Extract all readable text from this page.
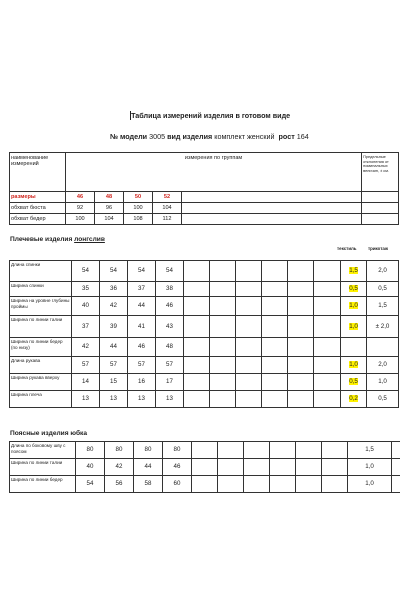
Таблица измерений изделия в готовом виде
№ модели 3005 вид изделия комплект женский рост 164
наименование измерений	измерения по группам					Предельные отклонения от номинальных величин, ± см.
размеры	46	48	50	52		
обхват бюста	92	96	100	104		
обхват бедер	100	104	108	112		
Плечевые изделия лонгслив
текстиль	трикотаж
Длина спинки	54	54	54	54							1,5	2,0
Ширина спинки	35	36	37	38							0,5	0,5
Ширина на уровне глубины проймы	40	42	44	46							1,0	1,5
Ширина по линии талии	37	39	41	43							1,0	± 2,0
Ширина по линии бедер (по низу)	42	44	46	48								
Длина рукава	57	57	57	57							1,0	2,0
Ширина рукава вверху	14	15	16	17							0,5	1,0
Ширина плеча	13	13	13	13							0,2	0,5
Поясные изделия юбка
Длина по боковому шву с поясом	80	80	80	80							1,5	
Ширина по линии талии	40	42	44	46							1,0	
Ширина по линии бедер	54	56	58	60							1,0	
